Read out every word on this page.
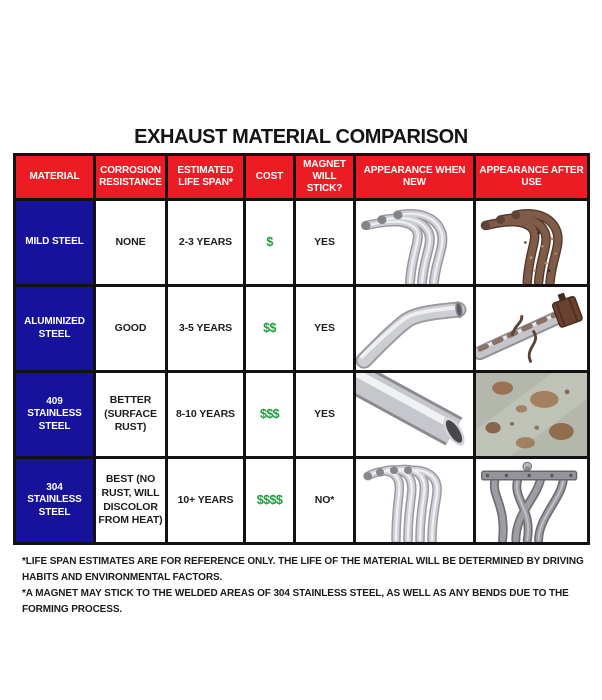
EXHAUST MATERIAL COMPARISON
MATERIAL	CORROSION RESISTANCE	ESTIMATED LIFE SPAN*	COST	MAGNET WILL STICK?	APPEARANCE WHEN NEW	APPEARANCE AFTER USE
MILD STEEL	NONE	2-3 YEARS	$	YES	

ALUMINIZED STEEL	GOOD	3-5 YEARS	$$	YES	

409 STAINLESS STEEL	BETTER (SURFACE RUST)	8-10 YEARS	$$$	YES	

304 STAINLESS STEEL	BEST (NO RUST, WILL DISCOLOR FROM HEAT)	10+ YEARS	$$$$	NO*	

*LIFE SPAN ESTIMATES ARE FOR REFERENCE ONLY. THE LIFE OF THE MATERIAL WILL BE DETERMINED BY DRIVING HABITS AND ENVIRONMENTAL FACTORS.
*A MAGNET MAY STICK TO THE WELDED AREAS OF 304 STAINLESS STEEL, AS WELL AS ANY BENDS DUE TO THE FORMING PROCESS.
